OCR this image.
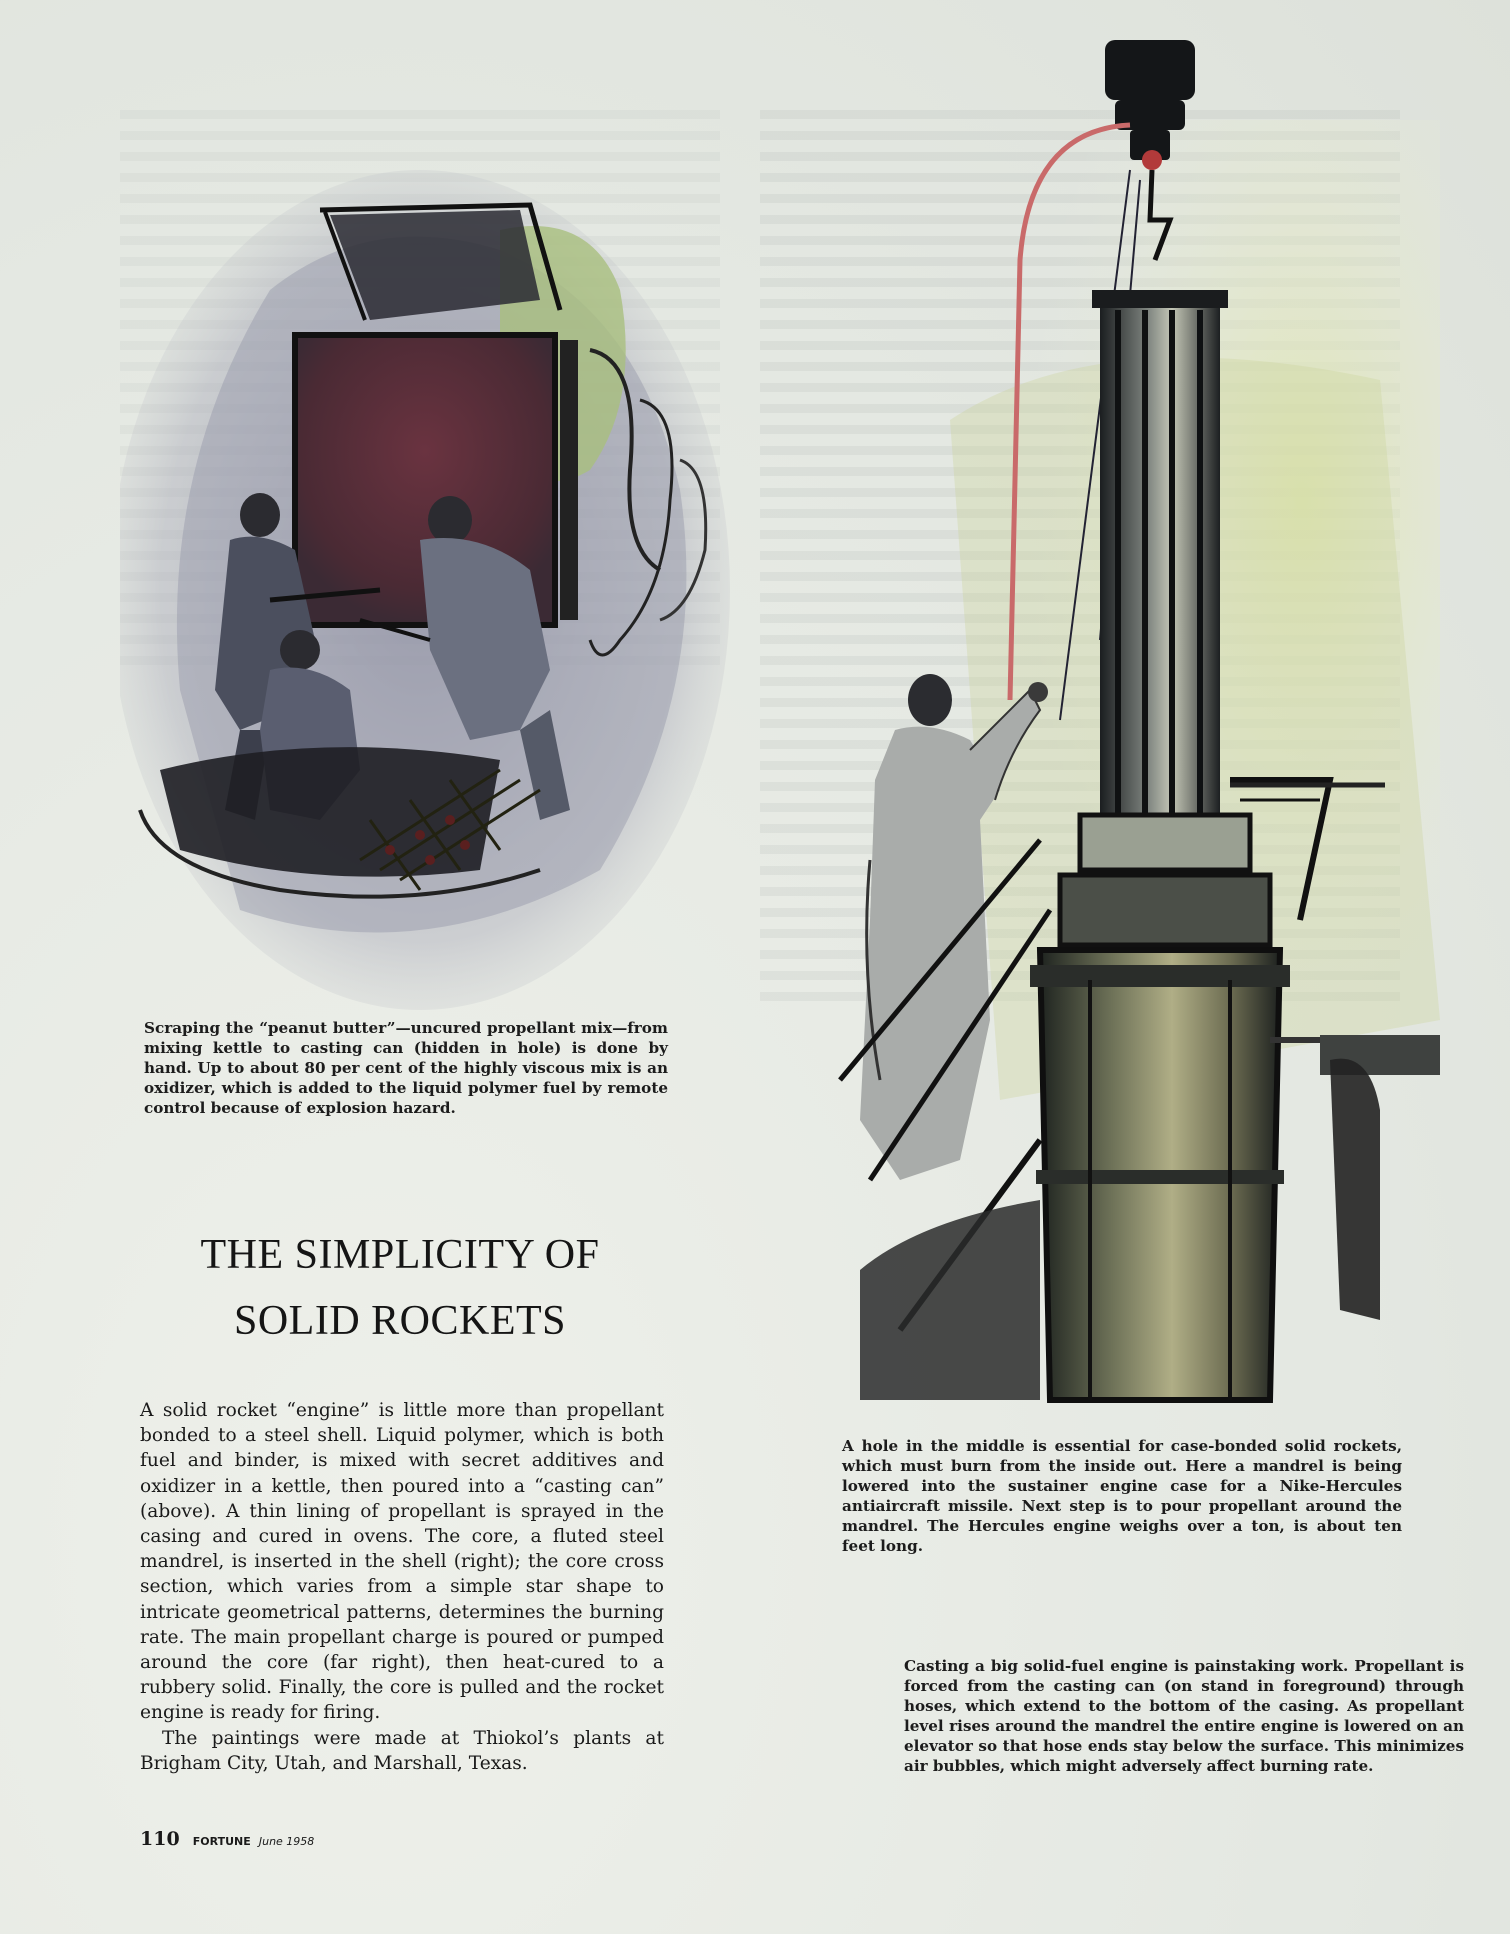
Scraping the “peanut butter”—uncured propellant mix—from mixing kettle to casting can (hidden in hole) is done by hand. Up to about 80 per cent of the highly viscous mix is an oxidizer, which is added to the liquid polymer fuel by remote control because of explosion hazard.
A hole in the middle is essential for case-bonded solid rockets, which must burn from the inside out. Here a mandrel is being lowered into the sustainer engine case for a Nike-Hercules antiaircraft missile. Next step is to pour propellant around the mandrel. The Hercules engine weighs over a ton, is about ten feet long.
Casting a big solid-fuel engine is painstaking work. Propellant is forced from the casting can (on stand in foreground) through hoses, which extend to the bottom of the casing. As propellant level rises around the mandrel the entire engine is lowered on an elevator so that hose ends stay below the surface. This minimizes air bubbles, which might adversely affect burning rate.
THE SIMPLICITY OF
SOLID ROCKETS

A solid rocket “engine” is little more than propellant bonded to a steel shell. Liquid polymer, which is both fuel and binder, is mixed with secret additives and oxidizer in a kettle, then poured into a “casting can” (above). A thin lining of propellant is sprayed in the casing and cured in ovens. The core, a fluted steel mandrel, is inserted in the shell (right); the core cross section, which varies from a simple star shape to intricate geometrical patterns, determines the burning rate. The main propellant charge is poured or pumped around the core (far right), then heat-cured to a rubbery solid. Finally, the core is pulled and the rocket engine is ready for firing.

The paintings were made at Thiokol’s plants at Brigham City, Utah, and Marshall, Texas.

110 FORTUNE June 1958
